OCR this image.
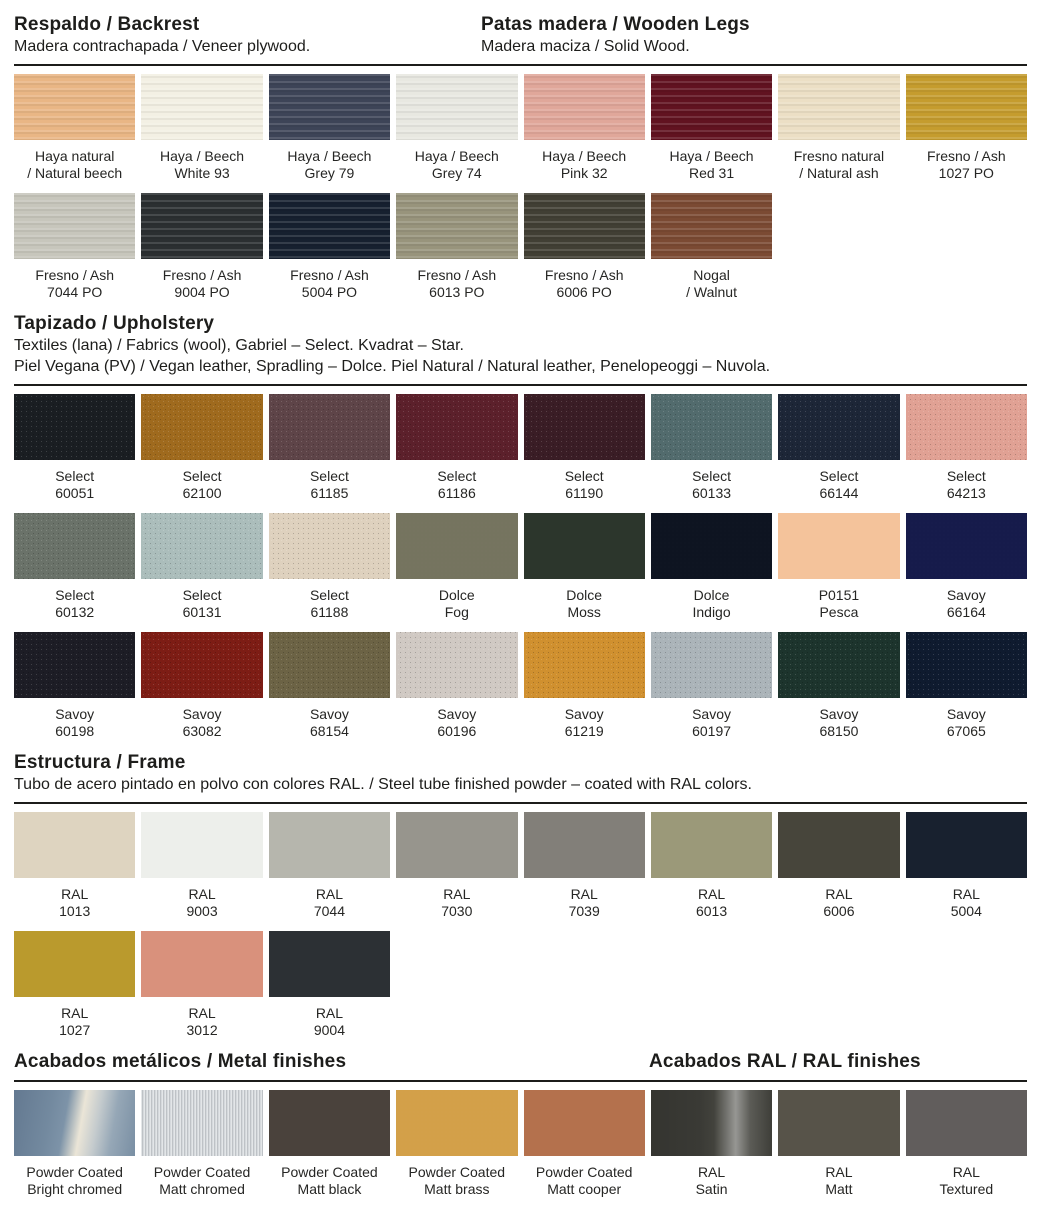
Respaldo / Backrest
Madera contrachapada / Veneer plywood.
Patas madera / Wooden Legs
Madera maciza / Solid Wood.
Haya natural
/ Natural beech
Haya / Beech
White 93
Haya / Beech
Grey 79
Haya / Beech
Grey 74
Haya / Beech
Pink 32
Haya / Beech
Red 31
Fresno natural
/ Natural ash
Fresno / Ash
1027 PO
Fresno / Ash
7044 PO
Fresno / Ash
9004 PO
Fresno / Ash
5004 PO
Fresno / Ash
6013 PO
Fresno / Ash
6006 PO
Nogal
/ Walnut
Tapizado / Upholstery
Textiles (lana) / Fabrics (wool), Gabriel – Select. Kvadrat – Star.
Piel Vegana (PV) / Vegan leather, Spradling – Dolce. Piel Natural / Natural leather, Penelopeoggi – Nuvola.
Select
60051
Select
62100
Select
61185
Select
61186
Select
61190
Select
60133
Select
66144
Select
64213
Select
60132
Select
60131
Select
61188
Dolce
Fog
Dolce
Moss
Dolce
Indigo
P0151
Pesca
Savoy
66164
Savoy
60198
Savoy
63082
Savoy
68154
Savoy
60196
Savoy
61219
Savoy
60197
Savoy
68150
Savoy
67065
Estructura / Frame
Tubo de acero pintado en polvo con colores RAL. / Steel tube finished powder – coated with RAL colors.
RAL
1013
RAL
9003
RAL
7044
RAL
7030
RAL
7039
RAL
6013
RAL
6006
RAL
5004
RAL
1027
RAL
3012
RAL
9004
Acabados metálicos / Metal finishes	Acabados RAL / RAL finishes
Powder Coated
Bright chromed
Powder Coated
Matt chromed
Powder Coated
Matt black
Powder Coated
Matt brass
Powder Coated
Matt cooper
RAL
Satin
RAL
Matt
RAL
Textured
